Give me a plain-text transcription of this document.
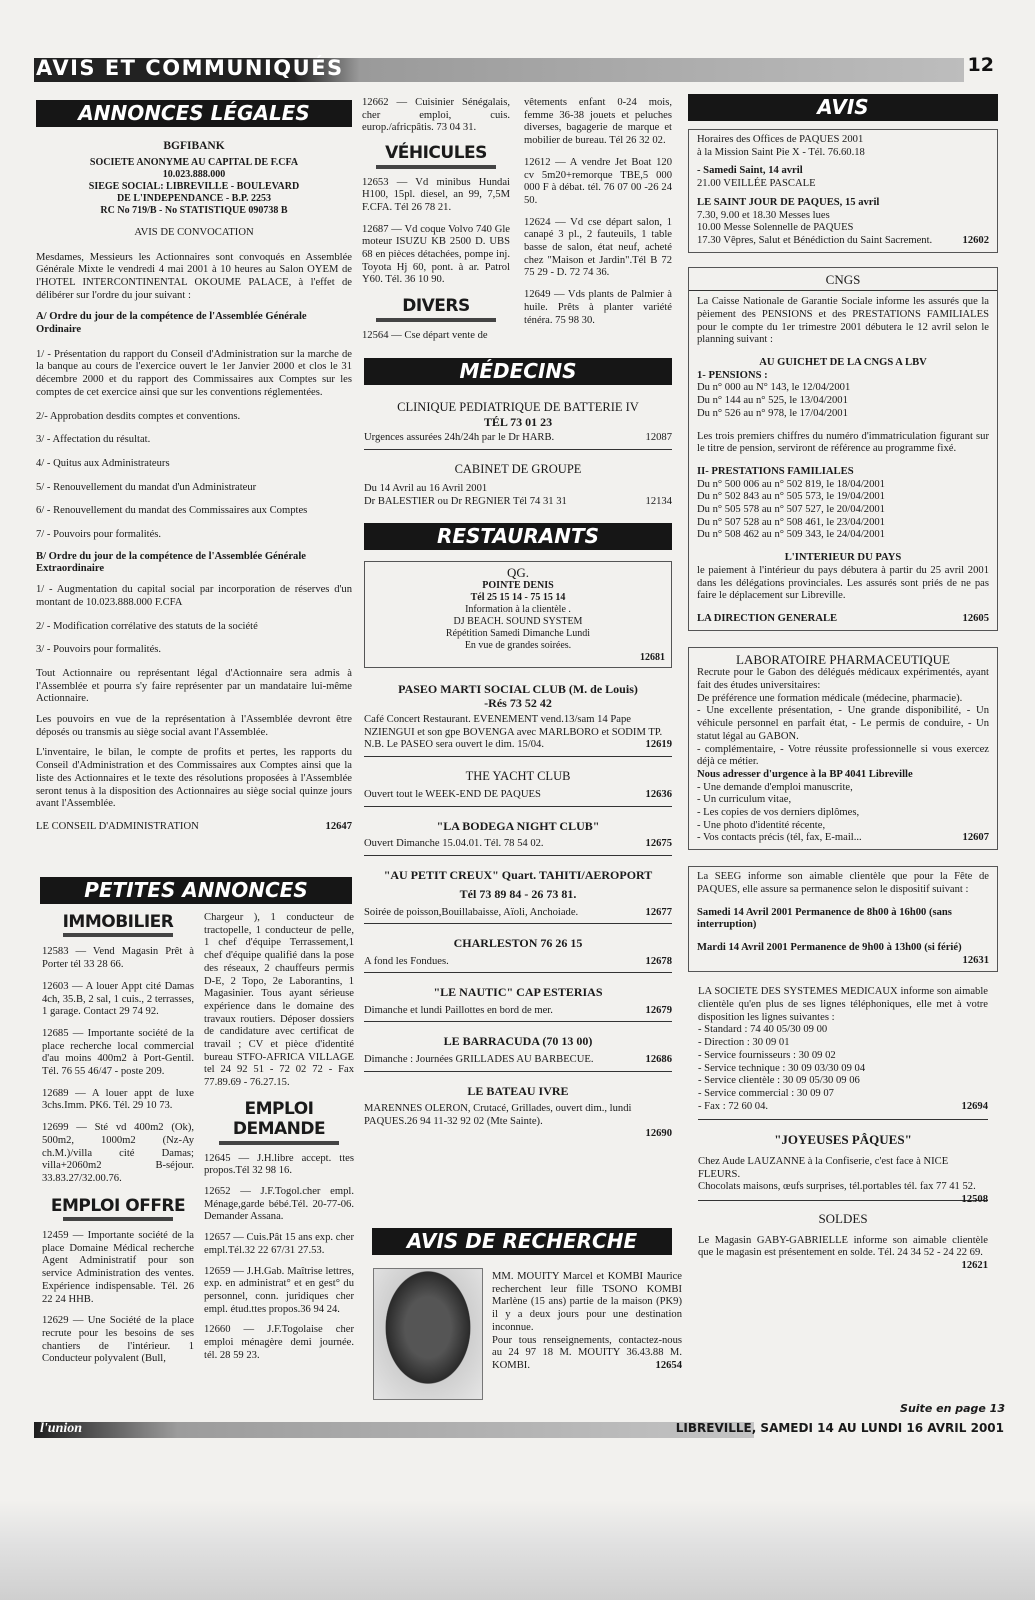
AVIS ET COMMUNIQUÉS	12
ANNONCES LÉGALES
BGFIBANK
SOCIETE ANONYME AU CAPITAL DE F.CFA
10.023.888.000
SIEGE SOCIAL: LIBREVILLE - BOULEVARD
DE L'INDEPENDANCE - B.P. 2253
RC No 719/B - No STATISTIQUE 090738 B
AVIS DE CONVOCATION
Mesdames, Messieurs les Actionnaires sont convoqués en Assemblée Générale Mixte le vendredi 4 mai 2001 à 10 heures au Salon OYEM de l'HOTEL INTERCONTINENTAL OKOUME PALACE, à l'effet de délibérer sur l'ordre du jour suivant :
A/ Ordre du jour de la compétence de l'Assemblée Générale Ordinaire
1/ - Présentation du rapport du Conseil d'Administration sur la marche de la banque au cours de l'exercice ouvert le 1er Janvier 2000 et clos le 31 décembre 2000 et du rapport des Commissaires aux Comptes sur les comptes de cet exercice ainsi que sur les conventions réglementées.
2/- Approbation desdits comptes et conventions.
3/ - Affectation du résultat.
4/ - Quitus aux Administrateurs
5/ - Renouvellement du mandat d'un Administrateur
6/ - Renouvellement du mandat des Commissaires aux Comptes
7/ - Pouvoirs pour formalités.
B/ Ordre du jour de la compétence de l'Assemblée Générale Extraordinaire
1/ - Augmentation du capital social par incorporation de réserves d'un montant de 10.023.888.000 F.CFA
2/ - Modification corrélative des statuts de la société
3/ - Pouvoirs pour formalités.
Tout Actionnaire ou représentant légal d'Actionnaire sera admis à l'Assemblée et pourra s'y faire représenter par un mandataire lui-même Actionnaire.
Les pouvoirs en vue de la représentation à l'Assemblée devront être déposés ou transmis au siège social avant l'Assemblée.
L'inventaire, le bilan, le compte de profits et pertes, les rapports du Conseil d'Administration et des Commissaires aux Comptes ainsi que la liste des Actionnaires et le texte des résolutions proposées à l'Assemblée seront tenus à la disposition des Actionnaires au siège social quinze jours avant l'Assemblée.
LE CONSEIL D'ADMINISTRATION	12647
PETITES ANNONCES
IMMOBILIER
12583 — Vend Magasin Prêt à Porter tél 33 28 66.
12603 — A louer Appt cité Damas 4ch, 35.B, 2 sal, 1 cuis., 2 terrasses, 1 garage. Contact 29 74 92.
12685 — Importante société de la place recherche local commercial d'au moins 400m2 à Port-Gentil. Tél. 76 55 46/47 - poste 209.
12689 — A louer appt de luxe 3chs.Imm. PK6. Tél. 29 10 73.
12699 — Sté vd 400m2 (Ok), 500m2, 1000m2 (Nz-Ay ch.M.)/villa cité Damas; villa+2060m2 B-séjour. 33.83.27/32.00.76.
EMPLOI OFFRE
12459 — Importante société de la place Domaine Médical recherche Agent Administratif pour son service Administration des ventes. Expérience indispensable. Tél. 26 22 24 HHB.
12629 — Une Société de la place recrute pour les besoins de ses chantiers de l'intérieur. 1 Conducteur polyvalent (Bull,
Chargeur ), 1 conducteur de tractopelle, 1 conducteur de pelle, 1 chef d'équipe Terrassement,1 chef d'équipe qualifié dans la pose des réseaux, 2 chauffeurs permis D-E, 2 Topo, 2e Laborantins, 1 Magasinier. Tous ayant sérieuse expérience dans le domaine des travaux routiers. Déposer dossiers de candidature avec certificat de travail ; CV et pièce d'identité bureau STFO-AFRICA VILLAGE tel 24 92 51 - 72 02 72 - Fax 77.89.69 - 76.27.15.
EMPLOI DEMANDE
12645 — J.H.libre accept. ttes propos.Tél 32 98 16.
12652 — J.F.Togol.cher empl. Ménage,garde bébé.Tél. 20-77-06. Demander Assana.
12657 — Cuis.Pât 15 ans exp. cher empl.Tél.32 22 67/31 27.53.
12659 — J.H.Gab. Maîtrise lettres, exp. en administrat° et en gest° du personnel, conn. juridiques cher empl. étud.ttes propos.36 94 24.
12660 — J.F.Togolaise cher emploi ménagère demi journée. tél. 28 59 23.
12662 — Cuisinier Sénégalais, cher emploi, cuis. europ./africpâtis. 73 04 31.
VÉHICULES
12653 — Vd minibus Hundai H100, 15pl. diesel, an 99, 7,5M F.CFA. Tél 26 78 21.
12687 — Vd coque Volvo 740 Gle moteur ISUZU KB 2500 D. UBS 68 en pièces détachées, pompe inj. Toyota Hj 60, pont. à ar. Patrol Y60. Tél. 36 10 90.
DIVERS
12564 — Cse départ vente de
vêtements enfant 0-24 mois, femme 36-38 jouets et peluches diverses, bagagerie de marque et mobilier de bureau. Tél 26 32 02.
12612 — A vendre Jet Boat 120 cv 5m20+remorque TBE,5 000 000 F à débat. tél. 76 07 00 -26 24 50.
12624 — Vd cse départ salon, 1 canapé 3 pl., 2 fauteuils, 1 table basse de salon, état neuf, acheté chez "Maison et Jardin".Tél B 72 75 29 - D. 72 74 36.
12649 — Vds plants de Palmier à huile. Prêts à planter variété ténéra. 75 98 30.
MÉDECINS
CLINIQUE PEDIATRIQUE DE BATTERIE IV
TÉL 73 01 23
Urgences assurées 24h/24h par le Dr HARB.	12087
CABINET DE GROUPE
Du 14 Avril au 16 Avril 2001
Dr BALESTIER ou Dr REGNIER Tél 74 31 31	12134
RESTAURANTS
QG.
POINTE DENIS
Tél 25 15 14 - 75 15 14
Information à la clientèle .
DJ BEACH. SOUND SYSTEM
Répétition Samedi Dimanche Lundi
En vue de grandes soirées.
12681
PASEO MARTI SOCIAL CLUB (M. de Louis)
-Rés 73 52 42
Café Concert Restaurant. EVENEMENT vend.13/sam 14 Pape NZIENGUI et son gpe BOVENGA avec MARLBORO et SODIM TP.
N.B. Le PASEO sera ouvert le dim. 15/04.	12619
THE YACHT CLUB
Ouvert tout le WEEK-END DE PAQUES	12636
"LA BODEGA NIGHT CLUB"
Ouvert Dimanche 15.04.01. Tél. 78 54 02.	12675
"AU PETIT CREUX" Quart. TAHITI/AEROPORT
Tél 73 89 84 - 26 73 81.
Soirée de poisson,Bouillabaisse, Aïoli, Anchoiade.	12677
CHARLESTON 76 26 15
A fond les Fondues.	12678
"LE NAUTIC" CAP ESTERIAS
Dimanche et lundi Paillottes en bord de mer.	12679
LE BARRACUDA (70 13 00)
Dimanche : Journées GRILLADES AU BARBECUE.	12686
LE BATEAU IVRE
MARENNES OLERON, Crutacé, Grillades, ouvert dim., lundi PAQUES.26 94 11-32 92 02 (Mte Sainte).
12690
AVIS DE RECHERCHE
MM. MOUITY Marcel et KOMBI Maurice recherchent leur fille TSONO KOMBI Marlène (15 ans) partie de la maison (PK9) il y a deux jours pour une destination inconnue.
Pour tous renseignements, contactez-nous au 24 97 18 M. MOUITY 36.43.88 M. KOMBI.	12654
AVIS
Horaires des Offices de PAQUES 2001
à la Mission Saint Pie X - Tél. 76.60.18
- Samedi Saint, 14 avril
21.00 VEILLÉE PASCALE
LE SAINT JOUR DE PAQUES, 15 avril
7.30, 9.00 et 18.30 Messes lues
10.00 Messe Solennelle de PAQUES
17.30 Vêpres, Salut et Bénédiction du Saint Sacrement.	12602
CNGS
La Caisse Nationale de Garantie Sociale informe les assurés que la pèiement des PENSIONS et des PRESTATIONS FAMILIALES pour le compte du 1er trimestre 2001 débutera le 12 avril selon le planning suivant :
AU GUICHET DE LA CNGS A LBV
1- PENSIONS :
Du n° 000 au N° 143, le 12/04/2001
Du n° 144 au n° 525, le 13/04/2001
Du n° 526 au n° 978, le 17/04/2001
Les trois premiers chiffres du numéro d'immatriculation figurant sur le titre de pension, serviront de référence au programme fixé.
II- PRESTATIONS FAMILIALES
Du n° 500 006 au n° 502 819, le 18/04/2001
Du n° 502 843 au n° 505 573, le 19/04/2001
Du n° 505 578 au n° 507 527, le 20/04/2001
Du n° 507 528 au n° 508 461, le 23/04/2001
Du n° 508 462 au n° 509 343, le 24/04/2001
L'INTERIEUR DU PAYS
le paiement à l'intérieur du pays débutera à partir du 25 avril 2001 dans les délégations provinciales. Les assurés sont priés de ne pas faire le déplacement sur Libreville.
LA DIRECTION GENERALE	12605
LABORATOIRE PHARMACEUTIQUE
Recrute pour le Gabon des délégués médicaux expérimentés, ayant fait des études universitaires:
De préférence une formation médicale (médecine, pharmacie).
- Une excellente présentation, - Une grande disponibilité, - Un véhicule personnel en parfait état, - Le permis de conduire, - Un statut légal au GABON.
- complémentaire, - Votre réussite professionnelle si vous exercez déjà ce métier.
Nous adresser d'urgence à la BP 4041 Libreville
- Une demande d'emploi manuscrite,
- Un curriculum vitae,
- Les copies de vos derniers diplômes,
- Une photo d'identité récente,
- Vos contacts précis (tél, fax, E-mail...	12607
La SEEG informe son aimable clientèle que pour la Fête de PAQUES, elle assure sa permanence selon le dispositif suivant :
Samedi 14 Avril 2001 Permanence de 8h00 à 16h00 (sans interruption)
Mardi 14 Avril 2001 Permanence de 9h00 à 13h00 (si férié)
12631
LA SOCIETE DES SYSTEMES MEDICAUX informe son aimable clientèle qu'en plus de ses lignes téléphoniques, elle met à votre disposition les lignes suivantes :
- Standard : 74 40 05/30 09 00
- Direction : 30 09 01
- Service fournisseurs : 30 09 02
- Service technique : 30 09 03/30 09 04
- Service clientèle : 30 09 05/30 09 06
- Service commercial : 30 09 07
- Fax : 72 60 04.	12694
"JOYEUSES PÂQUES"
Chez Aude LAUZANNE à la Confiserie, c'est face à NICE FLEURS.
Chocolats maisons, œufs surprises, tél.portables tél. fax 77 41 52.
12508
SOLDES
Le Magasin GABY-GABRIELLE informe son aimable clientèle que le magasin est présentement en solde. Tél. 24 34 52 - 24 22 69.
12621
Suite en page 13
l'union	LIBREVILLE, SAMEDI 14 AU LUNDI 16 AVRIL 2001
